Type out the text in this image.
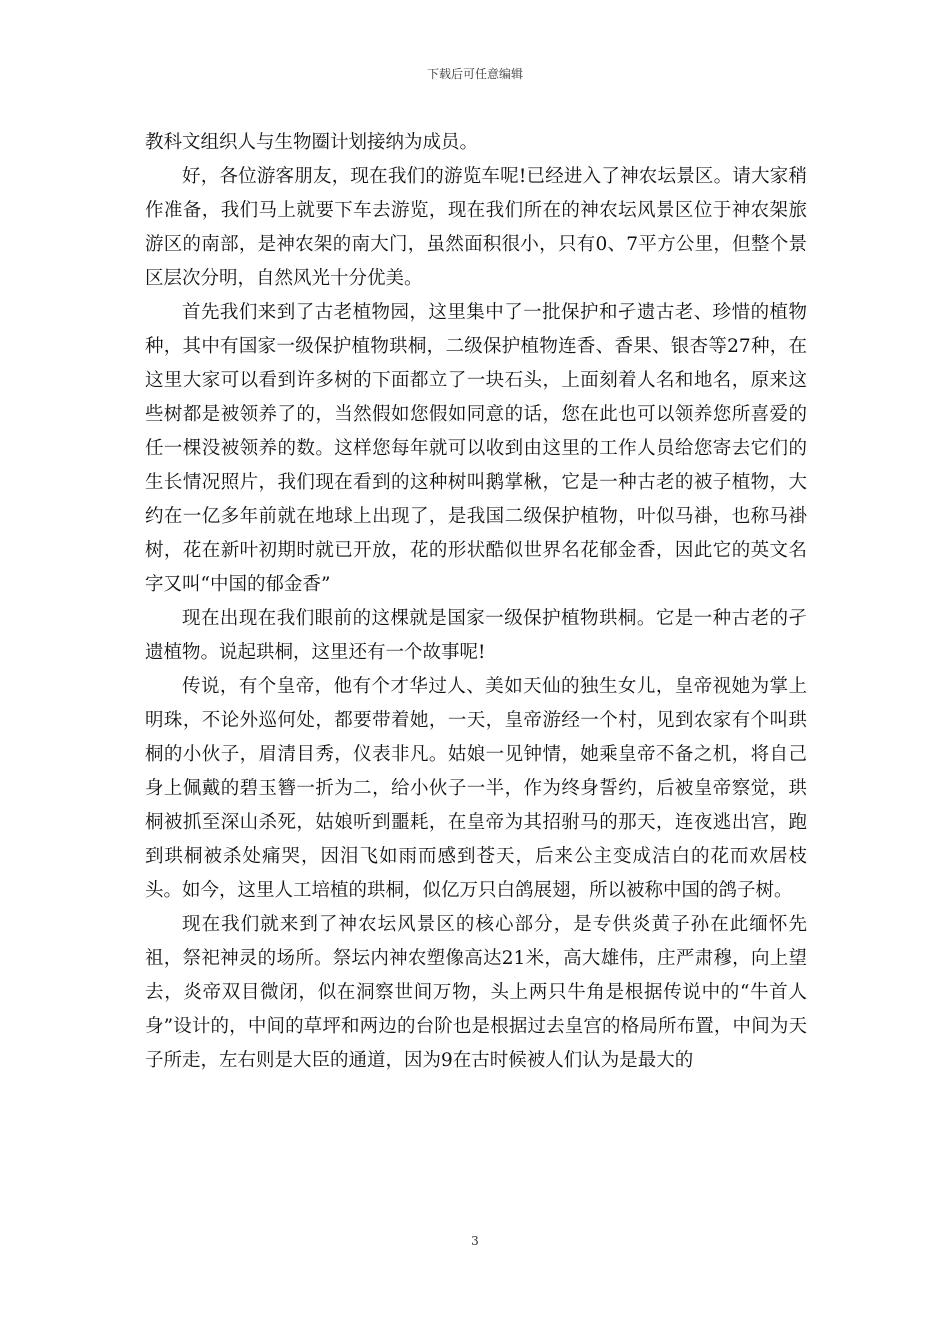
下载后可任意编辑

教科文组织人与生物圈计划接纳为成员。

好，各位游客朋友，现在我们的游览车呢!已经进入了神农坛景区。请大家稍作准备，我们马上就要下车去游览，现在我们所在的神农坛风景区位于神农架旅游区的南部，是神农架的南大门，虽然面积很小，只有0、7平方公里，但整个景区层次分明，自然风光十分优美。

首先我们来到了古老植物园，这里集中了一批保护和孑遗古老、珍惜的植物种，其中有国家一级保护植物珙桐，二级保护植物连香、香果、银杏等27种，在这里大家可以看到许多树的下面都立了一块石头，上面刻着人名和地名，原来这些树都是被领养了的，当然假如您假如同意的话，您在此也可以领养您所喜爱的任一棵没被领养的数。这样您每年就可以收到由这里的工作人员给您寄去它们的生长情况照片，我们现在看到的这种树叫鹅掌楸，它是一种古老的被子植物，大约在一亿多年前就在地球上出现了，是我国二级保护植物，叶似马褂，也称马褂树，花在新叶初期时就已开放，花的形状酷似世界名花郁金香，因此它的英文名字又叫“中国的郁金香”

现在出现在我们眼前的这棵就是国家一级保护植物珙桐。它是一种古老的孑遗植物。说起珙桐，这里还有一个故事呢!

传说，有个皇帝，他有个才华过人、美如天仙的独生女儿，皇帝视她为掌上明珠，不论外巡何处，都要带着她，一天，皇帝游经一个村，见到农家有个叫珙桐的小伙子，眉清目秀，仪表非凡。姑娘一见钟情，她乘皇帝不备之机，将自己身上佩戴的碧玉簪一折为二，给小伙子一半，作为终身誓约，后被皇帝察觉，珙桐被抓至深山杀死，姑娘听到噩耗，在皇帝为其招驸马的那天，连夜逃出宫，跑到珙桐被杀处痛哭，因泪飞如雨而感到苍天，后来公主变成洁白的花而欢居枝头。如今，这里人工培植的珙桐，似亿万只白鸽展翅，所以被称中国的鸽子树。

现在我们就来到了神农坛风景区的核心部分，是专供炎黄子孙在此缅怀先祖，祭祀神灵的场所。祭坛内神农塑像高达21米，高大雄伟，庄严肃穆，向上望去，炎帝双目微闭，似在洞察世间万物，头上两只牛角是根据传说中的“牛首人身”设计的，中间的草坪和两边的台阶也是根据过去皇宫的格局所布置，中间为天子所走，左右则是大臣的通道，因为9在古时候被人们认为是最大的

3
